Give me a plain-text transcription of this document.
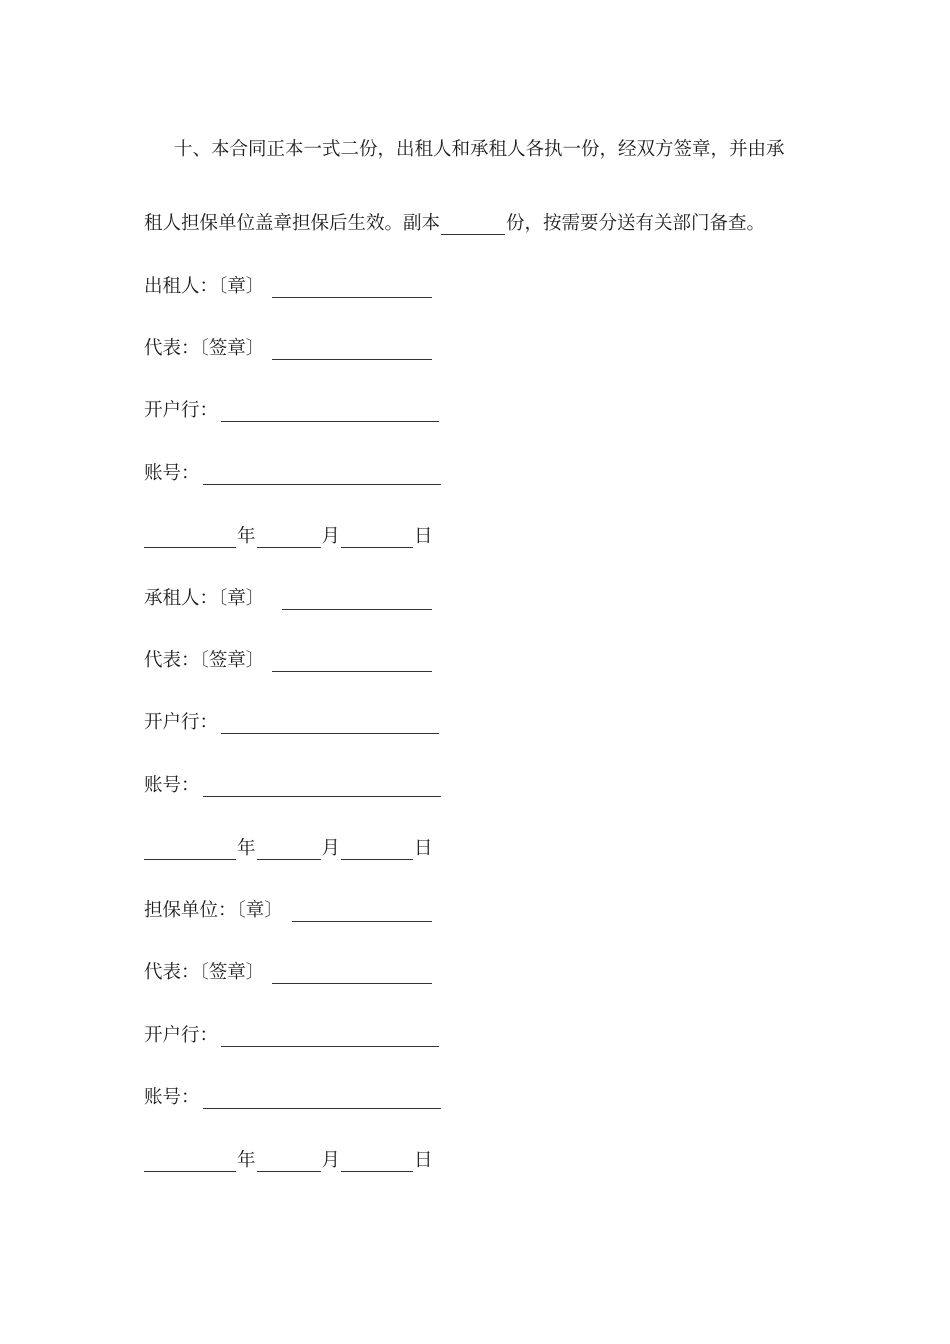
十、本合同正本一式二份，出租人和承租人各执一份，经双方签章，并由承
租人担保单位盖章担保后生效。副本	份，按需要分送有关部门备查。
出租人：〔章〕
代表：〔签章〕
开户行：
账号：
年	月	日
承租人：〔章〕
代表：〔签章〕
开户行：
账号：
年	月	日
担保单位：〔章〕
代表：〔签章〕
开户行：
账号：
年	月	日
